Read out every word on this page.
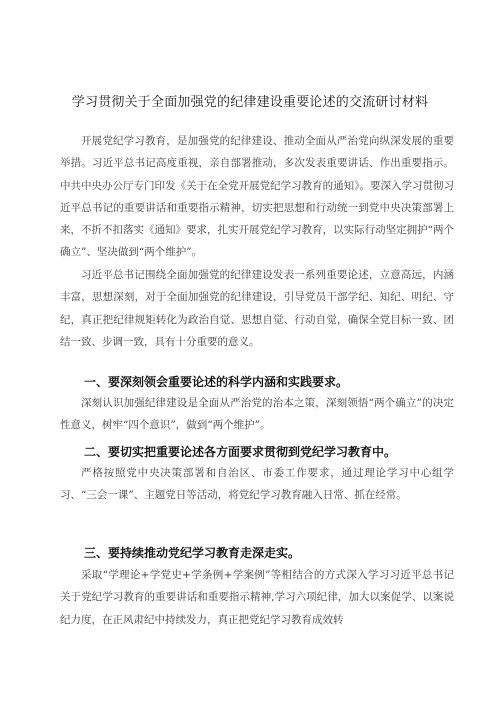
学习贯彻关于全面加强党的纪律建设重要论述的交流研讨材料

开展党纪学习教育，是加强党的纪律建设、推动全面从严治党向纵深发展的重要举措。习近平总书记高度重视，亲自部署推动，多次发表重要讲话、作出重要指示。中共中央办公厅专门印发《关于在全党开展党纪学习教育的通知》。要深入学习贯彻习近平总书记的重要讲话和重要指示精神，切实把思想和行动统一到党中央决策部署上来，不折不扣落实《通知》要求，扎实开展党纪学习教育，以实际行动坚定拥护“两个确立”、坚决做到“两个维护”。

习近平总书记围绕全面加强党的纪律建设发表一系列重要论述，立意高远，内涵丰富，思想深刻，对于全面加强党的纪律建设，引导党员干部学纪、知纪、明纪、守纪，真正把纪律规矩转化为政治自觉、思想自觉、行动自觉，确保全党目标一致、团结一致、步调一致，具有十分重要的意义。

一、要深刻领会重要论述的科学内涵和实践要求。

深刻认识加强纪律建设是全面从严治党的治本之策，深刻领悟“两个确立”的决定性意义，树牢“四个意识”，做到“两个维护”。

二、要切实把重要论述各方面要求贯彻到党纪学习教育中。

严格按照党中央决策部署和自治区、市委工作要求，通过理论学习中心组学习、“三会一课”、主题党日等活动，将党纪学习教育融入日常、抓在经常。

三、要持续推动党纪学习教育走深走实。

采取“学理论+学党史+学条例+学案例”等相结合的方式深入学习习近平总书记关于党纪学习教育的重要讲话和重要指示精神,学习六项纪律，加大以案促学、以案说纪力度，在正风肃纪中持续发力，真正把党纪学习教育成效转
